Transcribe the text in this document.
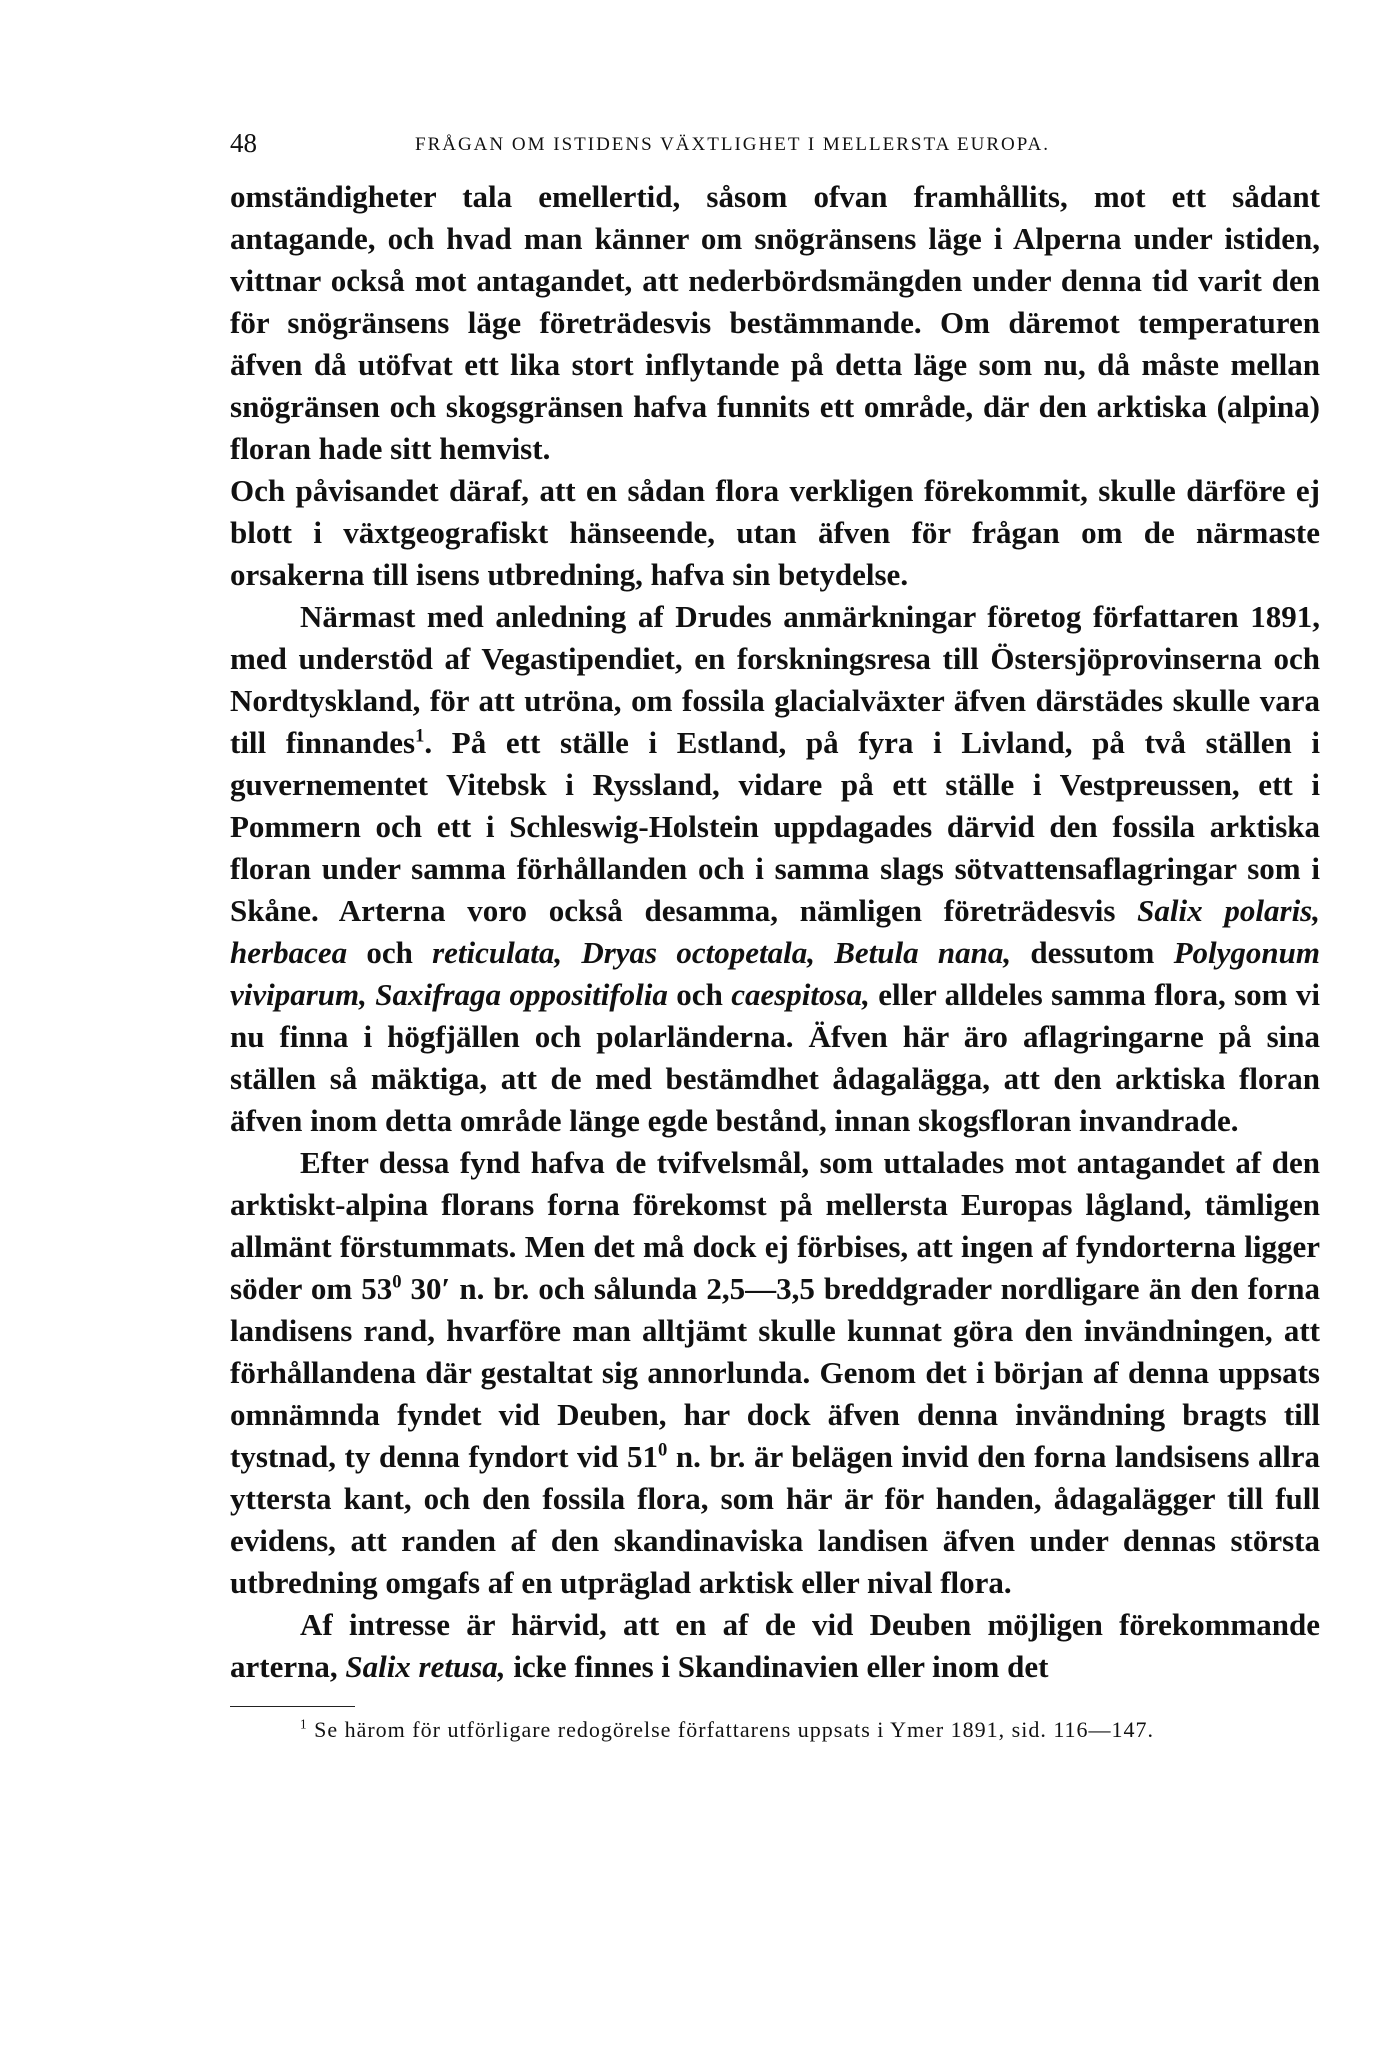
48	FRÅGAN OM ISTIDENS VÄXTLIGHET I MELLERSTA EUROPA.

omständigheter tala emellertid, såsom ofvan framhållits, mot ett sådant antagande, och hvad man känner om snögränsens läge i Alperna under istiden, vittnar också mot antagandet, att nederbördsmängden under denna tid varit den för snögränsens läge företrädesvis bestämmande. Om däremot temperaturen äfven då utöfvat ett lika stort inflytande på detta läge som nu, då måste mellan snögränsen och skogsgränsen hafva funnits ett område, där den arktiska (alpina) floran hade sitt hemvist.
Och påvisandet däraf, att en sådan flora verkligen förekommit, skulle därföre ej blott i växtgeografiskt hänseende, utan äfven för frågan om de närmaste orsakerna till isens utbredning, hafva sin betydelse.

Närmast med anledning af Drudes anmärkningar företog författaren 1891, med understöd af Vegastipendiet, en forskningsresa till Östersjöprovinserna och Nordtyskland, för att utröna, om fossila glacialväxter äfven därstädes skulle vara till finnandes$^1$. På ett ställe i Estland, på fyra i Livland, på två ställen i guvernementet Vitebsk i Ryssland, vidare på ett ställe i Vestpreussen, ett i Pommern och ett i Schleswig-Holstein uppdagades därvid den fossila arktiska floran under samma förhållanden och i samma slags sötvattensaflagringar som i Skåne. Arterna voro också desamma, nämligen företrädesvis Salix polaris, herbacea och reticulata, Dryas octopetala, Betula nana, dessutom Polygonum viviparum, Saxifraga oppositifolia och caespitosa, eller alldeles samma flora, som vi nu finna i högfjällen och polarländerna. Äfven här äro aflagringarne på sina ställen så mäktiga, att de med bestämdhet ådagalägga, att den arktiska floran äfven inom detta område länge egde bestånd, innan skogsfloran invandrade.

Efter dessa fynd hafva de tvifvelsmål, som uttalades mot antagandet af den arktiskt-alpina florans forna förekomst på mellersta Europas lågland, tämligen allmänt förstummats. Men det må dock ej förbises, att ingen af fyndorterna ligger söder om $53^0$ 30′ n. br. och sålunda 2,5—3,5 breddgrader nordligare än den forna landisens rand, hvarföre man alltjämt skulle kunnat göra den invändningen, att förhållandena där gestaltat sig annorlunda. Genom det i början af denna uppsats omnämnda fyndet vid Deuben, har dock äfven denna invändning bragts till tystnad, ty denna fyndort vid $51^0$ n. br. är belägen invid den forna landsisens allra yttersta kant, och den fossila flora, som här är för handen, ådagalägger till full evidens, att randen af den skandinaviska landisen äfven under dennas största utbredning omgafs af en utpräglad arktisk eller nival flora.

Af intresse är härvid, att en af de vid Deuben möjligen förekommande arterna, Salix retusa, icke finnes i Skandinavien eller inom det

$^1$ Se härom för utförligare redogörelse författarens uppsats i Ymer 1891, sid. 116—147.
